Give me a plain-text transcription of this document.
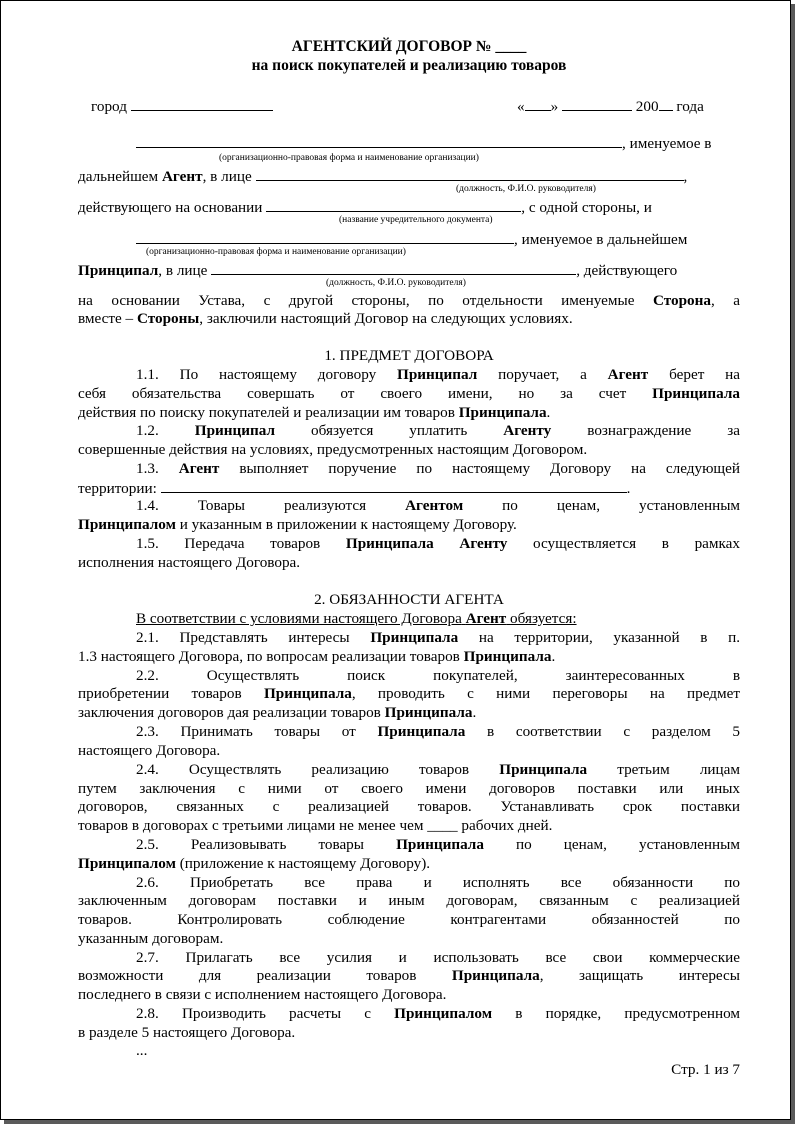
АГЕНТСКИЙ ДОГОВОР № ____
на поиск покупателей и реализацию товаров
город	« »	200 года
, именуемое в
(организационно-правовая форма и наименование организации)
дальнейшем Агент, в лице	,
(должность, Ф.И.О. руководителя)
действующего на основании	, с одной стороны, и
(название учредительного документа)
, именуемое в дальнейшем
(организационно-правовая форма и наименование организации)
Принципал, в лице	, действующего
(должность, Ф.И.О. руководителя)
на основании Устава, с другой стороны, по отдельности именуемые Сторона, а
вместе – Стороны, заключили настоящий Договор на следующих условиях.
1. ПРЕДМЕТ ДОГОВОРА
1.1. По настоящему договору Принципал поручает, а Агент берет на
себя обязательства совершать от своего имени, но за счет Принципала
действия по поиску покупателей и реализации им товаров Принципала.
1.2. Принципал обязуется уплатить Агенту вознаграждение за
совершенные действия на условиях, предусмотренных настоящим Договором.
1.3. Агент выполняет поручение по настоящему Договору на следующей
территории:	.
1.4. Товары реализуются	Агентом	по ценам, установленным
Принципалом и указанным в приложении к настоящему Договору.
1.5. Передача товаров Принципала Агенту осуществляется в рамках
исполнения настоящего Договора.
2. ОБЯЗАННОСТИ АГЕНТА
В соответствии с условиями настоящего Договора Агент обязуется:
2.1. Представлять интересы Принципала на территории, указанной в п.
1.3 настоящего Договора, по вопросам реализации товаров Принципала.
2.2. Осуществлять поиск покупателей, заинтересованных в
приобретении товаров Принципала, проводить с ними переговоры на предмет
заключения договоров дая реализации товаров Принципала.
2.3. Принимать товары от Принципала в соответствии с разделом 5
настоящего Договора.
2.4. Осуществлять реализацию товаров Принципала третьим лицам
путем заключения с ними от своего имени договоров поставки или иных
договоров, связанных с реализацией товаров. Устанавливать срок поставки
товаров в договорах с третьими лицами не менее чем ____ рабочих дней.
2.5. Реализовывать товары Принципала по ценам, установленным
Принципалом (приложение к настоящему Договору).
2.6. Приобретать все права и исполнять все обязанности по
заключенным договорам поставки и иным договорам, связанным с реализацией
товаров. Контролировать соблюдение контрагентами обязанностей по
указанным договорам.
2.7. Прилагать все усилия и использовать все свои коммерческие
возможности для реализации товаров Принципала, защищать интересы
последнего в связи с исполнением настоящего Договора.
2.8. Производить расчеты с Принципалом в порядке, предусмотренном
в разделе 5 настоящего Договора.
...
Стр. 1 из 7
